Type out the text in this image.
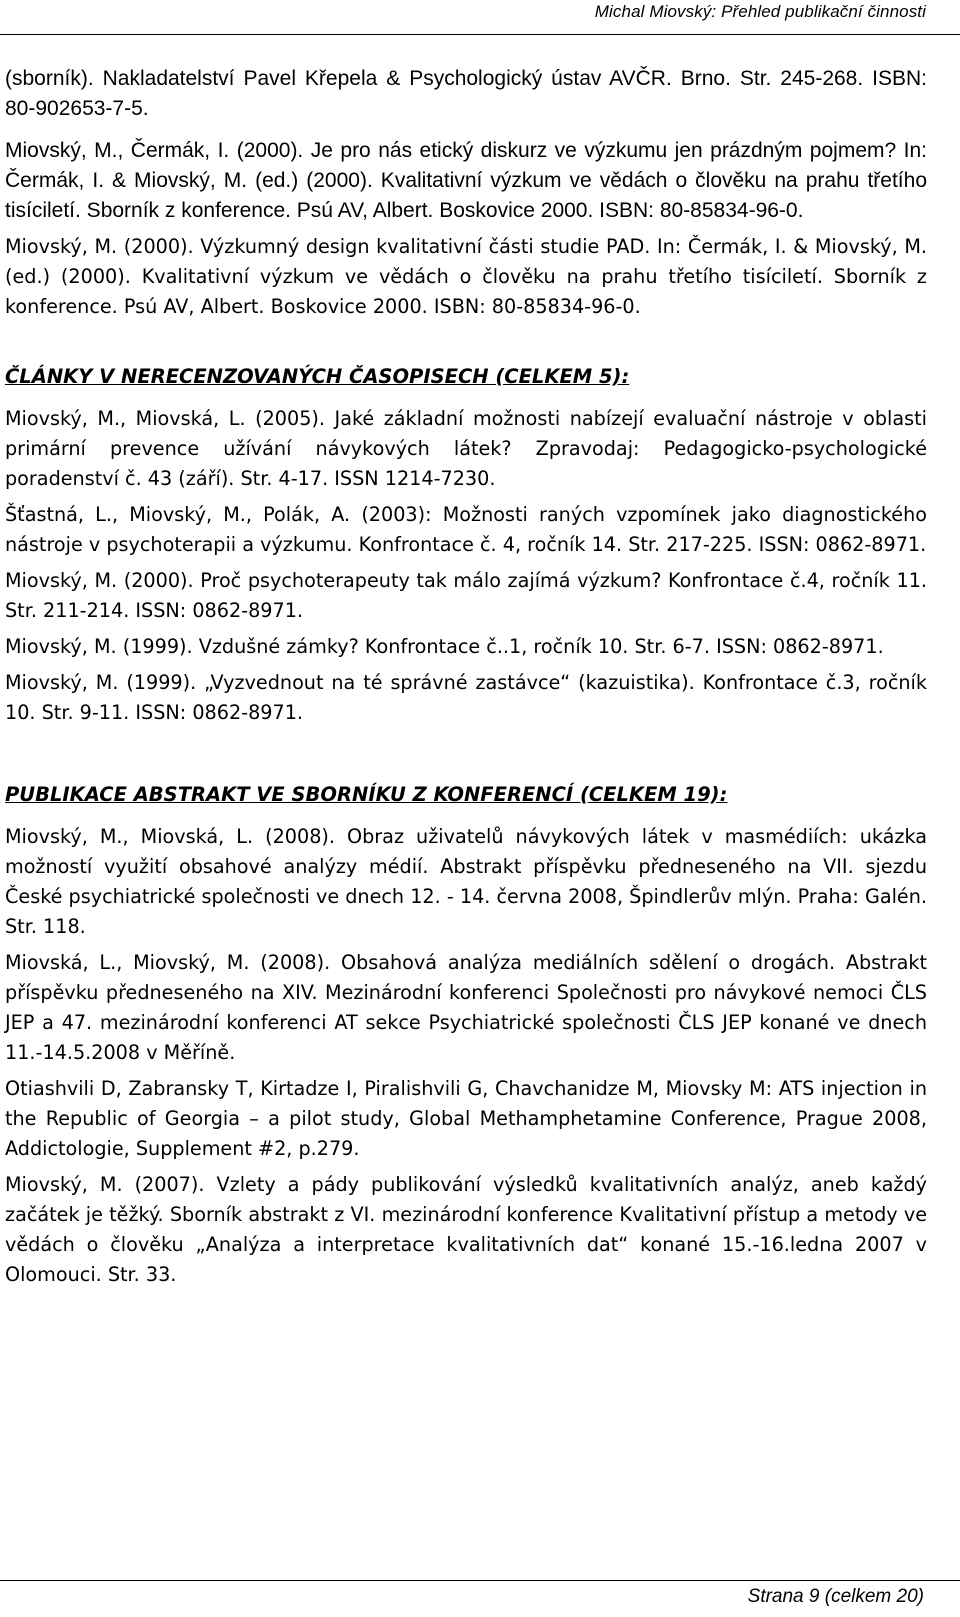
Michal Miovský: Přehled publikační činnosti

(sborník). Nakladatelství Pavel Křepela & Psychologický ústav AVČR. Brno. Str. 245-268. ISBN: 80-902653-7-5.

Miovský, M., Čermák, I. (2000). Je pro nás etický diskurz ve výzkumu jen prázdným pojmem? In: Čermák, I. & Miovský, M. (ed.) (2000). Kvalitativní výzkum ve vědách o člověku na prahu třetího tisíciletí. Sborník z konference. Psú AV, Albert. Boskovice 2000. ISBN: 80-85834-96-0.

Miovský, M. (2000). Výzkumný design kvalitativní části studie PAD. In: Čermák, I. & Miovský, M. (ed.) (2000). Kvalitativní výzkum ve vědách o člověku na prahu třetího tisíciletí. Sborník z konference. Psú AV, Albert. Boskovice 2000. ISBN: 80-85834-96-0.

ČLÁNKY V NERECENZOVANÝCH ČASOPISECH (CELKEM 5):

Miovský, M., Miovská, L. (2005). Jaké základní možnosti nabízejí evaluační nástroje v oblasti primární prevence užívání návykových látek? Zpravodaj: Pedagogicko-psychologické poradenství č. 43 (září). Str. 4-17. ISSN 1214-7230.

Šťastná, L., Miovský, M., Polák, A. (2003): Možnosti raných vzpomínek jako diagnostického nástroje v psychoterapii a výzkumu. Konfrontace č. 4, ročník 14. Str. 217-225. ISSN: 0862-8971.

Miovský, M. (2000). Proč psychoterapeuty tak málo zajímá výzkum? Konfrontace č.4, ročník 11. Str. 211-214. ISSN: 0862-8971.

Miovský, M. (1999). Vzdušné zámky? Konfrontace č..1, ročník 10. Str. 6-7. ISSN: 0862-8971.

Miovský, M. (1999). „Vyzvednout na té správné zastávce“ (kazuistika). Konfrontace č.3, ročník 10. Str. 9-11. ISSN: 0862-8971.

PUBLIKACE ABSTRAKT VE SBORNÍKU Z KONFERENCÍ (CELKEM 19):

Miovský, M., Miovská, L. (2008). Obraz uživatelů návykových látek v masmédiích: ukázka možností využití obsahové analýzy médií. Abstrakt příspěvku předneseného na VII. sjezdu České psychiatrické společnosti ve dnech 12. - 14. června 2008, Špindlerův mlýn. Praha: Galén. Str. 118.

Miovská, L., Miovský, M. (2008). Obsahová analýza mediálních sdělení o drogách. Abstrakt příspěvku předneseného na XIV. Mezinárodní konferenci Společnosti pro návykové nemoci ČLS JEP a 47. mezinárodní konferenci AT sekce Psychiatrické společnosti ČLS JEP konané ve dnech 11.-14.5.2008 v Měříně.

Otiashvili D, Zabransky T, Kirtadze I, Piralishvili G, Chavchanidze M, Miovsky M: ATS injection in the Republic of Georgia – a pilot study, Global Methamphetamine Conference, Prague 2008, Addictologie, Supplement #2, p.279.

Miovský, M. (2007). Vzlety a pády publikování výsledků kvalitativních analýz, aneb každý začátek je těžký. Sborník abstrakt z VI. mezinárodní konference Kvalitativní přístup a metody ve vědách o člověku „Analýza a interpretace kvalitativních dat“ konané 15.-16.ledna 2007 v Olomouci. Str. 33.

Strana 9 (celkem 20)
